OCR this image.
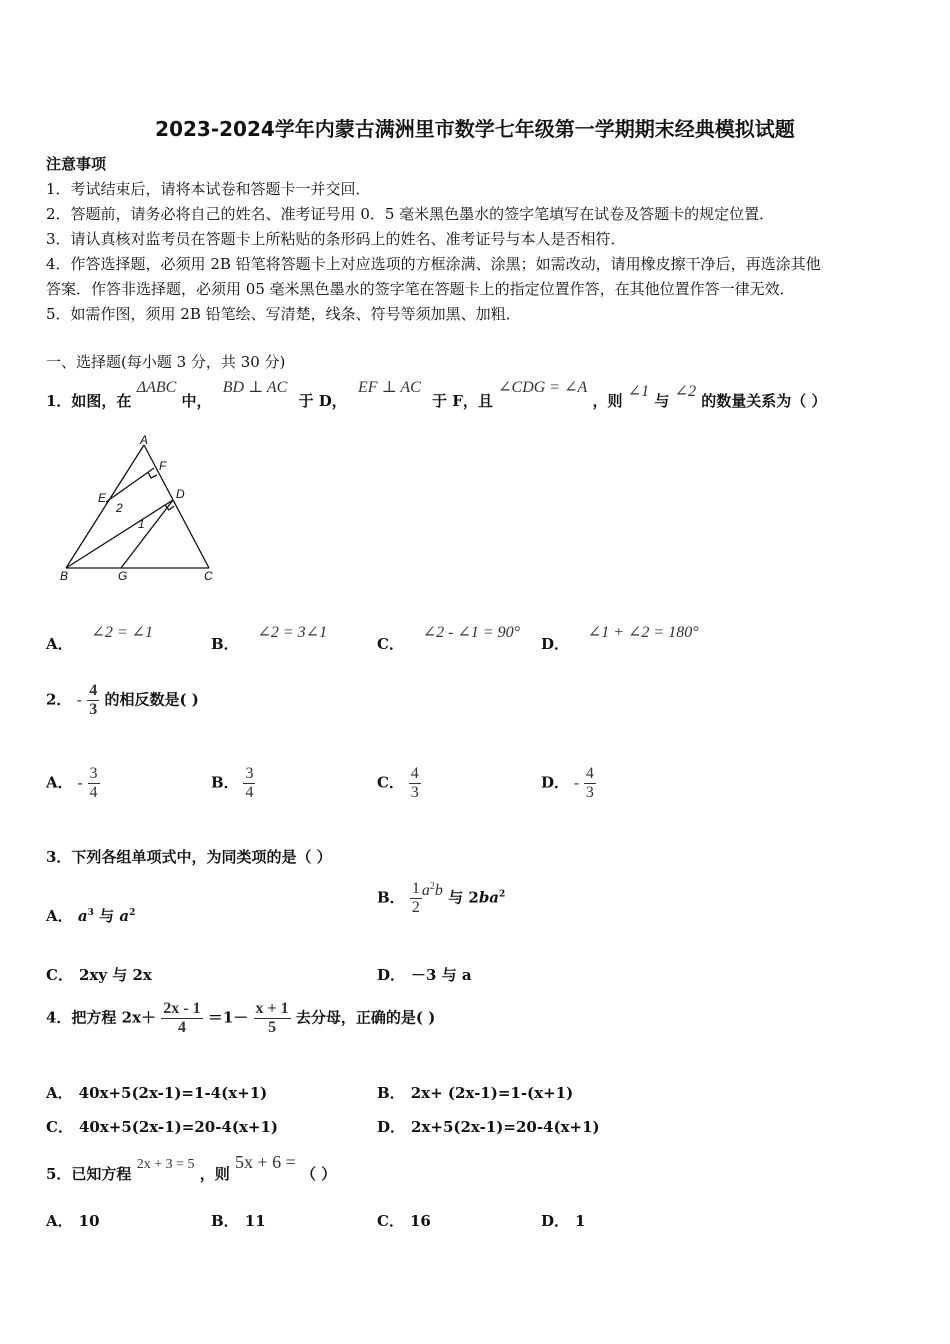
2023-2024学年内蒙古满洲里市数学七年级第一学期期末经典模拟试题
注意事项
1．考试结束后，请将本试卷和答题卡一并交回．
2．答题前，请务必将自己的姓名、准考证号用 0．5 毫米黑色墨水的签字笔填写在试卷及答题卡的规定位置．
3．请认真核对监考员在答题卡上所粘贴的条形码上的姓名、准考证号与本人是否相符．
4．作答选择题，必须用 2B 铅笔将答题卡上对应选项的方框涂满、涂黑；如需改动，请用橡皮擦干净后，再选涂其他
答案．作答非选择题，必须用 05 毫米黑色墨水的签字笔在答题卡上的指定位置作答，在其他位置作答一律无效．
5．如需作图，须用 2B 铅笔绘、写清楚，线条、符号等须加黑、加粗．
一、选择题(每小题 3 分，共 30 分)
1．如图，在 ΔABC 中， BD ⊥ AC 于 D， EF ⊥ AC 于 F，且 ∠CDG = ∠A ，则 ∠1 与 ∠2 的数量关系为（ ）
A
F
E	D
2
1
B	G	C
A． ∠2 = ∠1
B． ∠2 = 3∠1
C． ∠2 - ∠1 = 90°
D． ∠1 + ∠2 = 180°
2． - $\frac{4}{3}$ 的相反数是( )
A． - $\frac{3}{4}$	B． $\frac{3}{4}$	C． $\frac{4}{3}$	D． - $\frac{4}{3}$
3．下列各组单项式中，为同类项的是（ ）
A． $a^3$ 与 $a^2$
B． $\frac{1}{2} a^2b$ 与 $2ba^2$
C． 2xy 与 2x	D． －3 与 a
4．把方程 $2x+ \frac{2x - 1}{4} =1- \frac{x + 1}{5}$ 去分母，正确的是( )
A． 40x+5(2x-1)=1-4(x+1)	B． 2x+ (2x-1)=1-(x+1)
C． 40x+5(2x-1)=20-4(x+1)	D． 2x+5(2x-1)=20-4(x+1)
5．已知方程 2x + 3 = 5 ，则 5x + 6 = （ ）
A． 10	B． 11	C． 16	D． 1
